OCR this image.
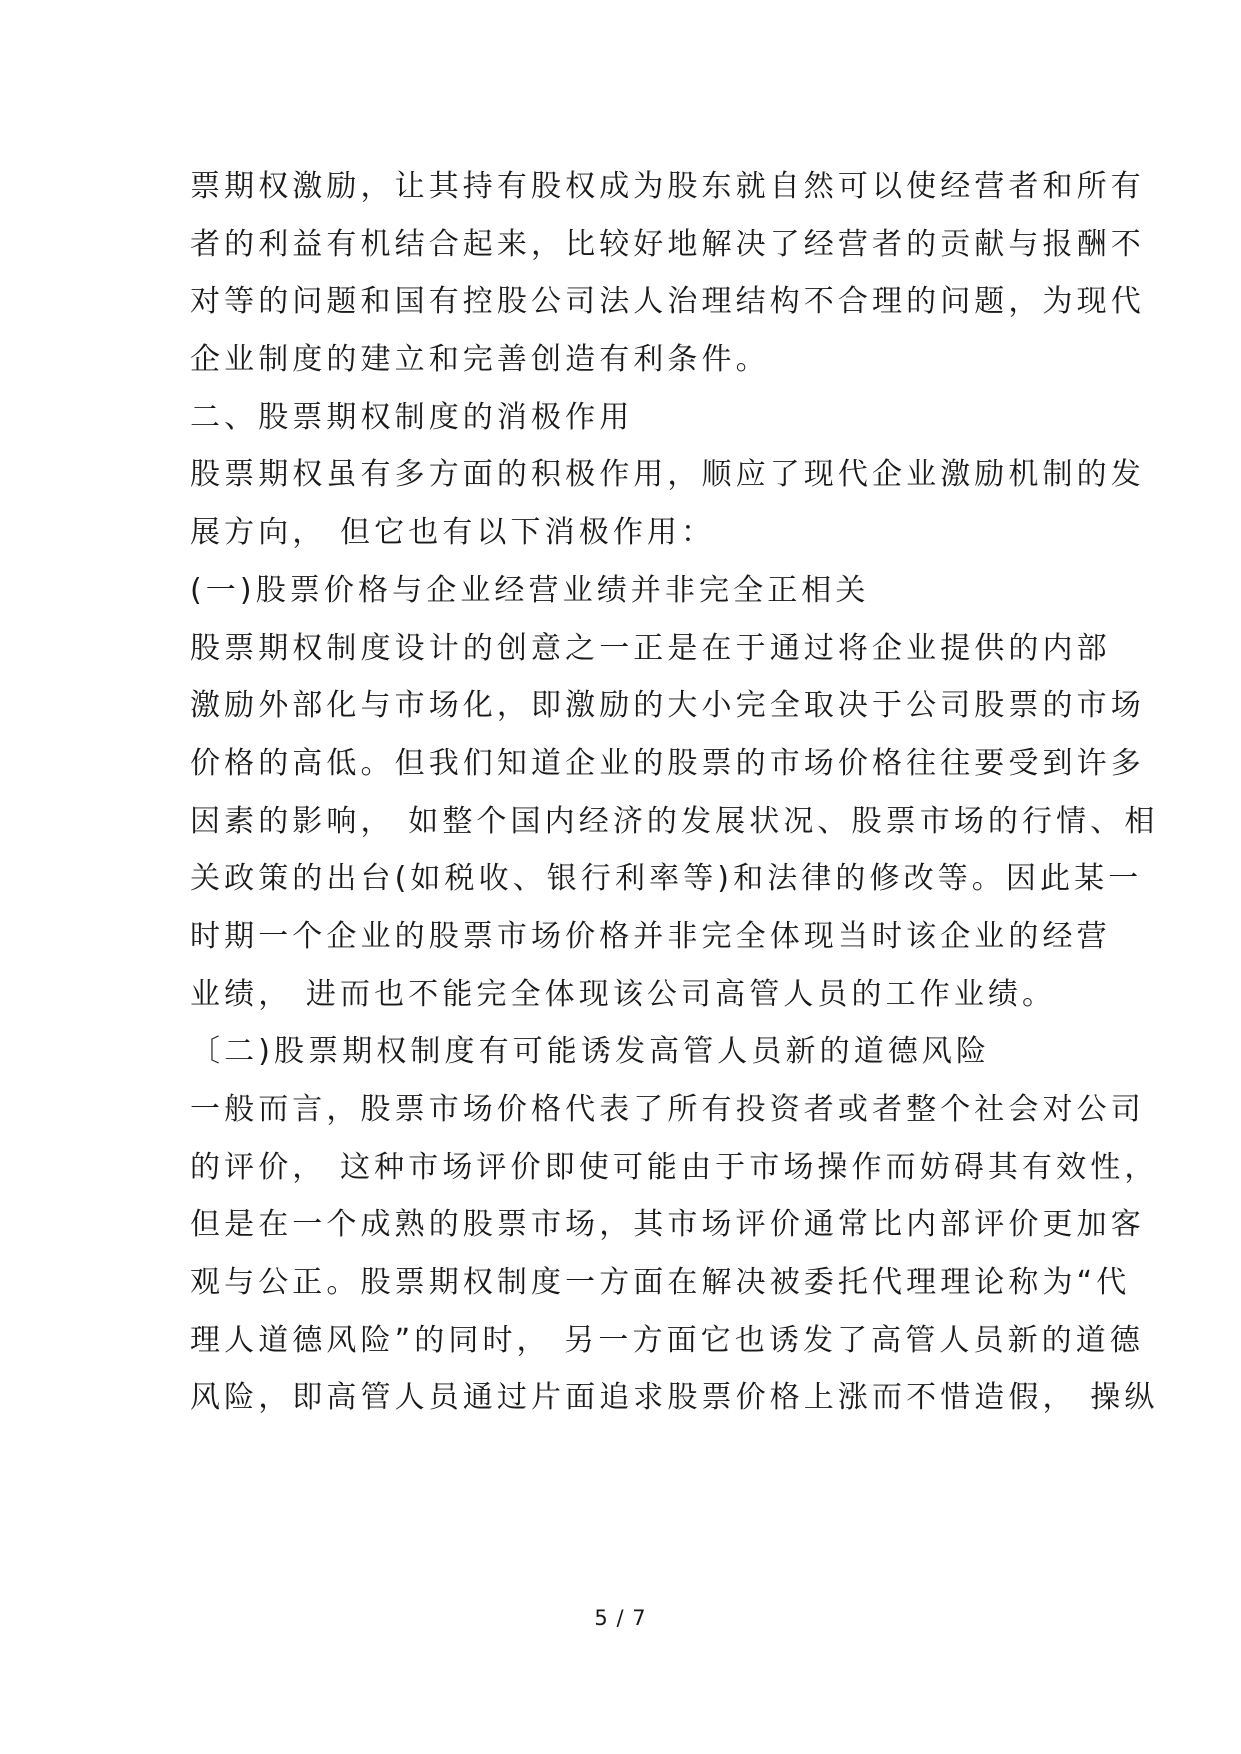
票期权激励，让其持有股权成为股东就自然可以使经营者和所有
者的利益有机结合起来，比较好地解决了经营者的贡献与报酬不
对等的问题和国有控股公司法人治理结构不合理的问题，为现代
企业制度的建立和完善创造有利条件。
二、股票期权制度的消极作用
股票期权虽有多方面的积极作用，顺应了现代企业激励机制的发
展方向， 但它也有以下消极作用：
(一)股票价格与企业经营业绩并非完全正相关
股票期权制度设计的创意之一正是在于通过将企业提供的内部
激励外部化与市场化，即激励的大小完全取决于公司股票的市场
价格的高低。但我们知道企业的股票的市场价格往往要受到许多
因素的影响， 如整个国内经济的发展状况、股票市场的行情、相
关政策的出台(如税收、银行利率等)和法律的修改等。因此某一
时期一个企业的股票市场价格并非完全体现当时该企业的经营
业绩， 进而也不能完全体现该公司高管人员的工作业绩。
〔二)股票期权制度有可能诱发高管人员新的道德风险
一般而言，股票市场价格代表了所有投资者或者整个社会对公司
的评价， 这种市场评价即使可能由于市场操作而妨碍其有效性，
但是在一个成熟的股票市场，其市场评价通常比内部评价更加客
观与公正。股票期权制度一方面在解决被委托代理理论称为“代
理人道德风险”的同时， 另一方面它也诱发了高管人员新的道德
风险，即高管人员通过片面追求股票价格上涨而不惜造假， 操纵
5 / 7
